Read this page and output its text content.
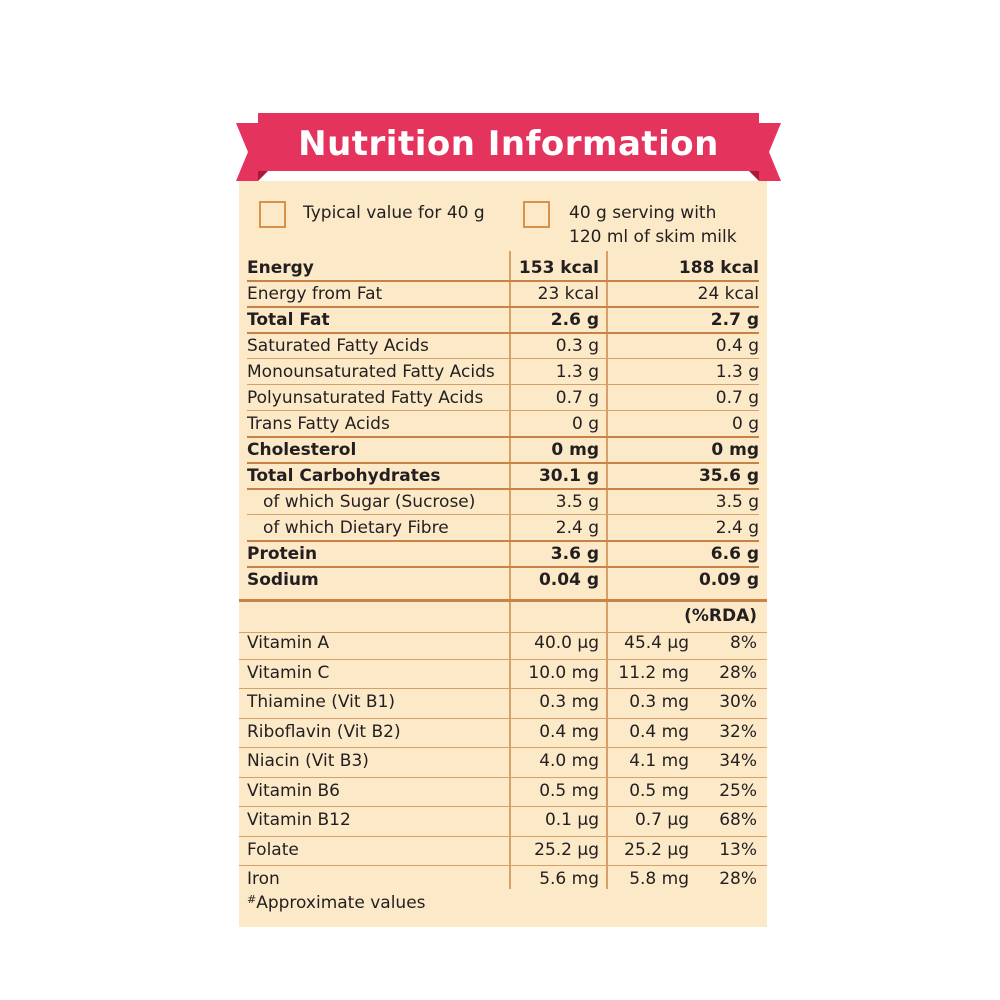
Nutrition Information
Typical value for 40 g	40 g serving with
120 ml of skim milk
Energy	153 kcal	188 kcal
Energy from Fat	23 kcal	24 kcal
Total Fat	2.6 g	2.7 g
Saturated Fatty Acids	0.3 g	0.4 g
Monounsaturated Fatty Acids	1.3 g	1.3 g
Polyunsaturated Fatty Acids	0.7 g	0.7 g
Trans Fatty Acids	0 g	0 g
Cholesterol	0 mg	0 mg
Total Carbohydrates	30.1 g	35.6 g
of which Sugar (Sucrose)	3.5 g	3.5 g
of which Dietary Fibre	2.4 g	2.4 g
Protein	3.6 g	6.6 g
Sodium	0.04 g	0.09 g
(%RDA)
Vitamin A	40.0 µg 45.4 µg 8%
Vitamin C	10.0 mg 11.2 mg 28%
Thiamine (Vit B1)	0.3 mg 0.3 mg 30%
Riboflavin (Vit B2)	0.4 mg 0.4 mg 32%
Niacin (Vit B3)	4.0 mg 4.1 mg 34%
Vitamin B6	0.5 mg 0.5 mg 25%
Vitamin B12	0.1 µg 0.7 µg 68%
Folate	25.2 µg 25.2 µg 13%
Iron	5.6 mg 5.8 mg 28%
#Approximate values
